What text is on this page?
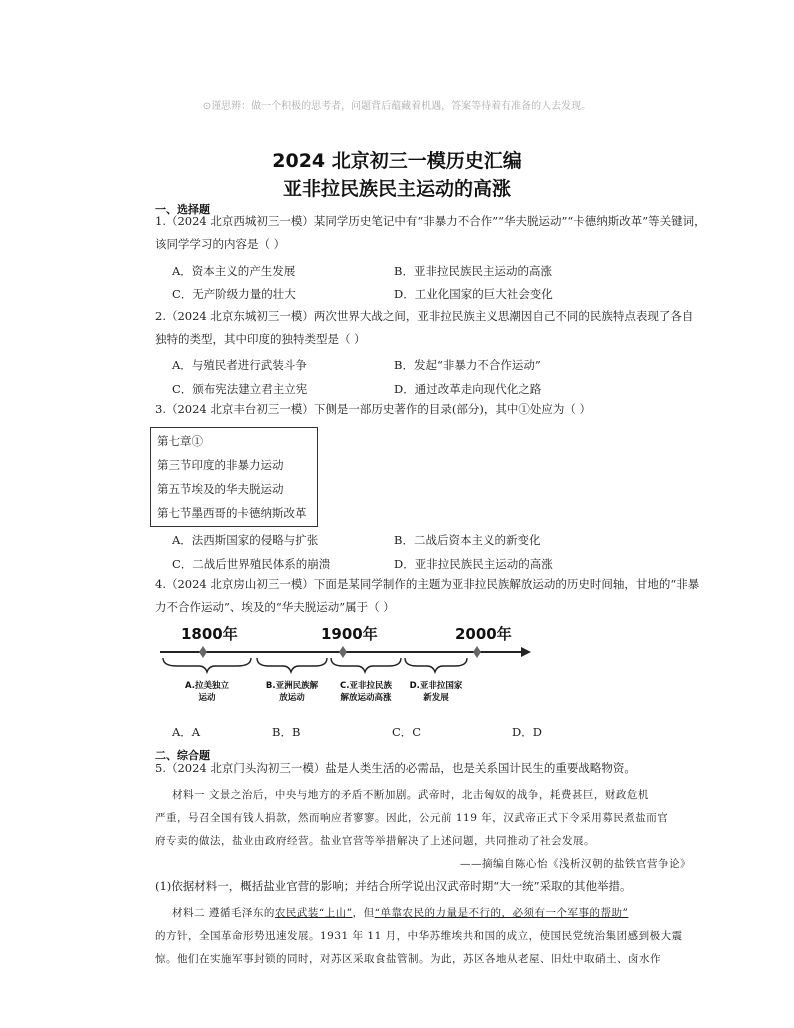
⊙谨思辨：做一个积极的思考者，问题背后蕴藏着机遇，答案等待着有准备的人去发现。
2024 北京初三一模历史汇编
亚非拉民族民主运动的高涨
一、选择题
1.（2024 北京西城初三一模）某同学历史笔记中有“非暴力不合作”“华夫脱运动”“卡德纳斯改革”等关键词，
该同学学习的内容是（ ）
A．资本主义的产生发展	B．亚非拉民族民主运动的高涨
C．无产阶级力量的壮大	D．工业化国家的巨大社会变化
2.（2024 北京东城初三一模）两次世界大战之间，亚非拉民族主义思潮因自己不同的民族特点表现了各自
独特的类型，其中印度的独特类型是（ ）
A．与殖民者进行武装斗争	B．发起“非暴力不合作运动”
C．颁布宪法建立君主立宪	D．通过改革走向现代化之路
3.（2024 北京丰台初三一模）下侧是一部历史著作的目录(部分)，其中①处应为（ ）
第七章①
第三节印度的非暴力运动
第五节埃及的华夫脱运动
第七节墨西哥的卡德纳斯改革
A．法西斯国家的侵略与扩张	B．二战后资本主义的新变化
C．二战后世界殖民体系的崩溃	D．亚非拉民族民主运动的高涨
4.（2024 北京房山初三一模）下面是某同学制作的主题为亚非拉民族解放运动的历史时间轴，甘地的“非暴
力不合作运动”、埃及的“华夫脱运动”属于（ ）
1800年	1900年	2000年
A.拉美独立
运动
B.亚洲民族解
放运动
C.亚非拉民族
解放运动高涨
D.亚非拉国家
新发展
A．A	B．B	C．C	D．D
二、综合题
5.（2024 北京门头沟初三一模）盐是人类生活的必需品，也是关系国计民生的重要战略物资。
材料一 文景之治后，中央与地方的矛盾不断加剧。武帝时，北击匈奴的战争，耗费甚巨，财政危机
严重，号召全国有钱人捐款，然而响应者寥寥。因此，公元前 119 年，汉武帝正式下令采用募民煮盐而官
府专卖的做法，盐业由政府经营。盐业官营等举措解决了上述问题，共同推动了社会发展。
——摘编自陈心怡《浅析汉朝的盐铁官营争论》
(1)依据材料一，概括盐业官营的影响；并结合所学说出汉武帝时期“大一统”采取的其他举措。
材料二 遵循毛泽东的农民武装“上山”，但“单靠农民的力量是不行的，必须有一个军事的帮助”
的方针，全国革命形势迅速发展。1931 年 11 月，中华苏维埃共和国的成立，使国民党统治集团感到极大震
惊。他们在实施军事封锁的同时，对苏区采取食盐管制。为此，苏区各地从老屋、旧灶中取硝土、卤水作
